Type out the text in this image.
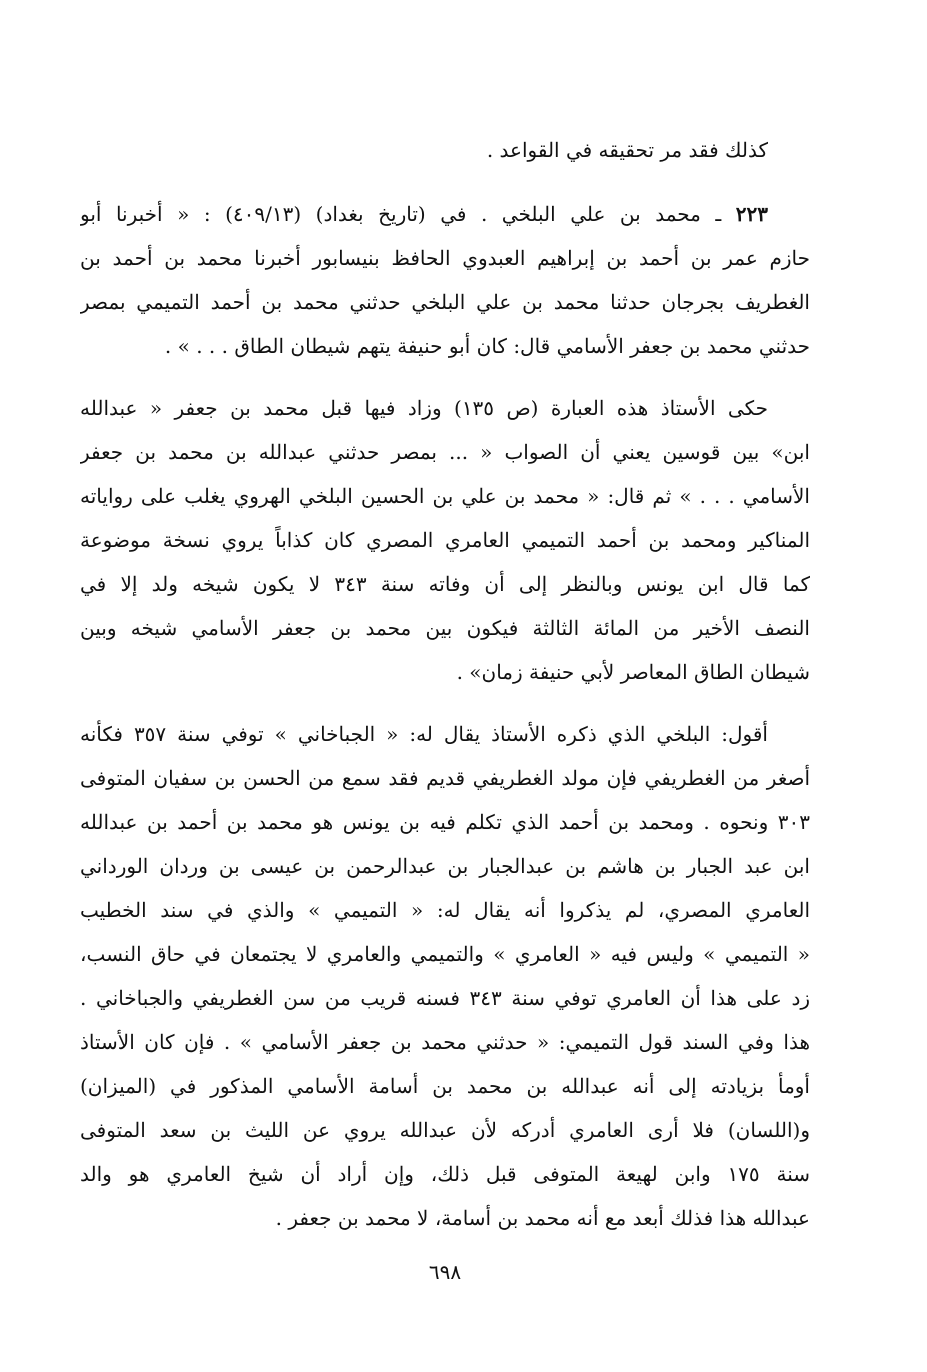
كذلك فقد مر تحقيقه في القواعد .
٢٢٣ ـ محمد بن علي البلخي . في (تاريخ بغداد) (٤٠٩/١٣) : « أخبرنا أبو
حازم عمر بن أحمد بن إبراهيم العبدوي الحافظ بنيسابور أخبرنا محمد بن أحمد بن
الغطريف بجرجان حدثنا محمد بن علي البلخي حدثني محمد بن أحمد التميمي بمصر
حدثني محمد بن جعفر الأسامي قال: كان أبو حنيفة يتهم شيطان الطاق . . . » .
حكى الأستاذ هذه العبارة (ص ١٣٥) وزاد فيها قبل محمد بن جعفر « عبدالله
ابن» بين قوسين يعني أن الصواب « ... بمصر حدثني عبدالله بن محمد بن جعفر
الأسامي . . . » ثم قال: « محمد بن علي بن الحسين البلخي الهروي يغلب على رواياته
المناكير ومحمد بن أحمد التميمي العامري المصري كان كذاباً يروي نسخة موضوعة
كما قال ابن يونس وبالنظر إلى أن وفاته سنة ٣٤٣ لا يكون شيخه ولد إلا في
النصف الأخير من المائة الثالثة فيكون بين محمد بن جعفر الأسامي شيخه وبين
شيطان الطاق المعاصر لأبي حنيفة زمان» .
أقول: البلخي الذي ذكره الأستاذ يقال له: « الجباخاني » توفي سنة ٣٥٧ فكأنه
أصغر من الغطريفي فإن مولد الغطريفي قديم فقد سمع من الحسن بن سفيان المتوفى
٣٠٣ ونحوه . ومحمد بن أحمد الذي تكلم فيه بن يونس هو محمد بن أحمد بن عبدالله
ابن عبد الجبار بن هاشم بن عبدالجبار بن عبدالرحمن بن عيسى بن وردان الورداني
العامري المصري، لم يذكروا أنه يقال له: « التميمي » والذي في سند الخطيب
« التميمي » وليس فيه « العامري » والتميمي والعامري لا يجتمعان في حاق النسب،
زد على هذا أن العامري توفي سنة ٣٤٣ فسنه قريب من سن الغطريفي والجباخاني .
هذا وفي السند قول التميمي: « حدثني محمد بن جعفر الأسامي » . فإن كان الأستاذ
أومأ بزيادته إلى أنه عبدالله بن محمد بن أسامة الأسامي المذكور في (الميزان)
و(اللسان) فلا أرى العامري أدركه لأن عبدالله يروي عن الليث بن سعد المتوفى
سنة ١٧٥ وابن لهيعة المتوفى قبل ذلك، وإن أراد أن شيخ العامري هو والد
عبدالله هذا فذلك أبعد مع أنه محمد بن أسامة، لا محمد بن جعفر .
٦٩٨
